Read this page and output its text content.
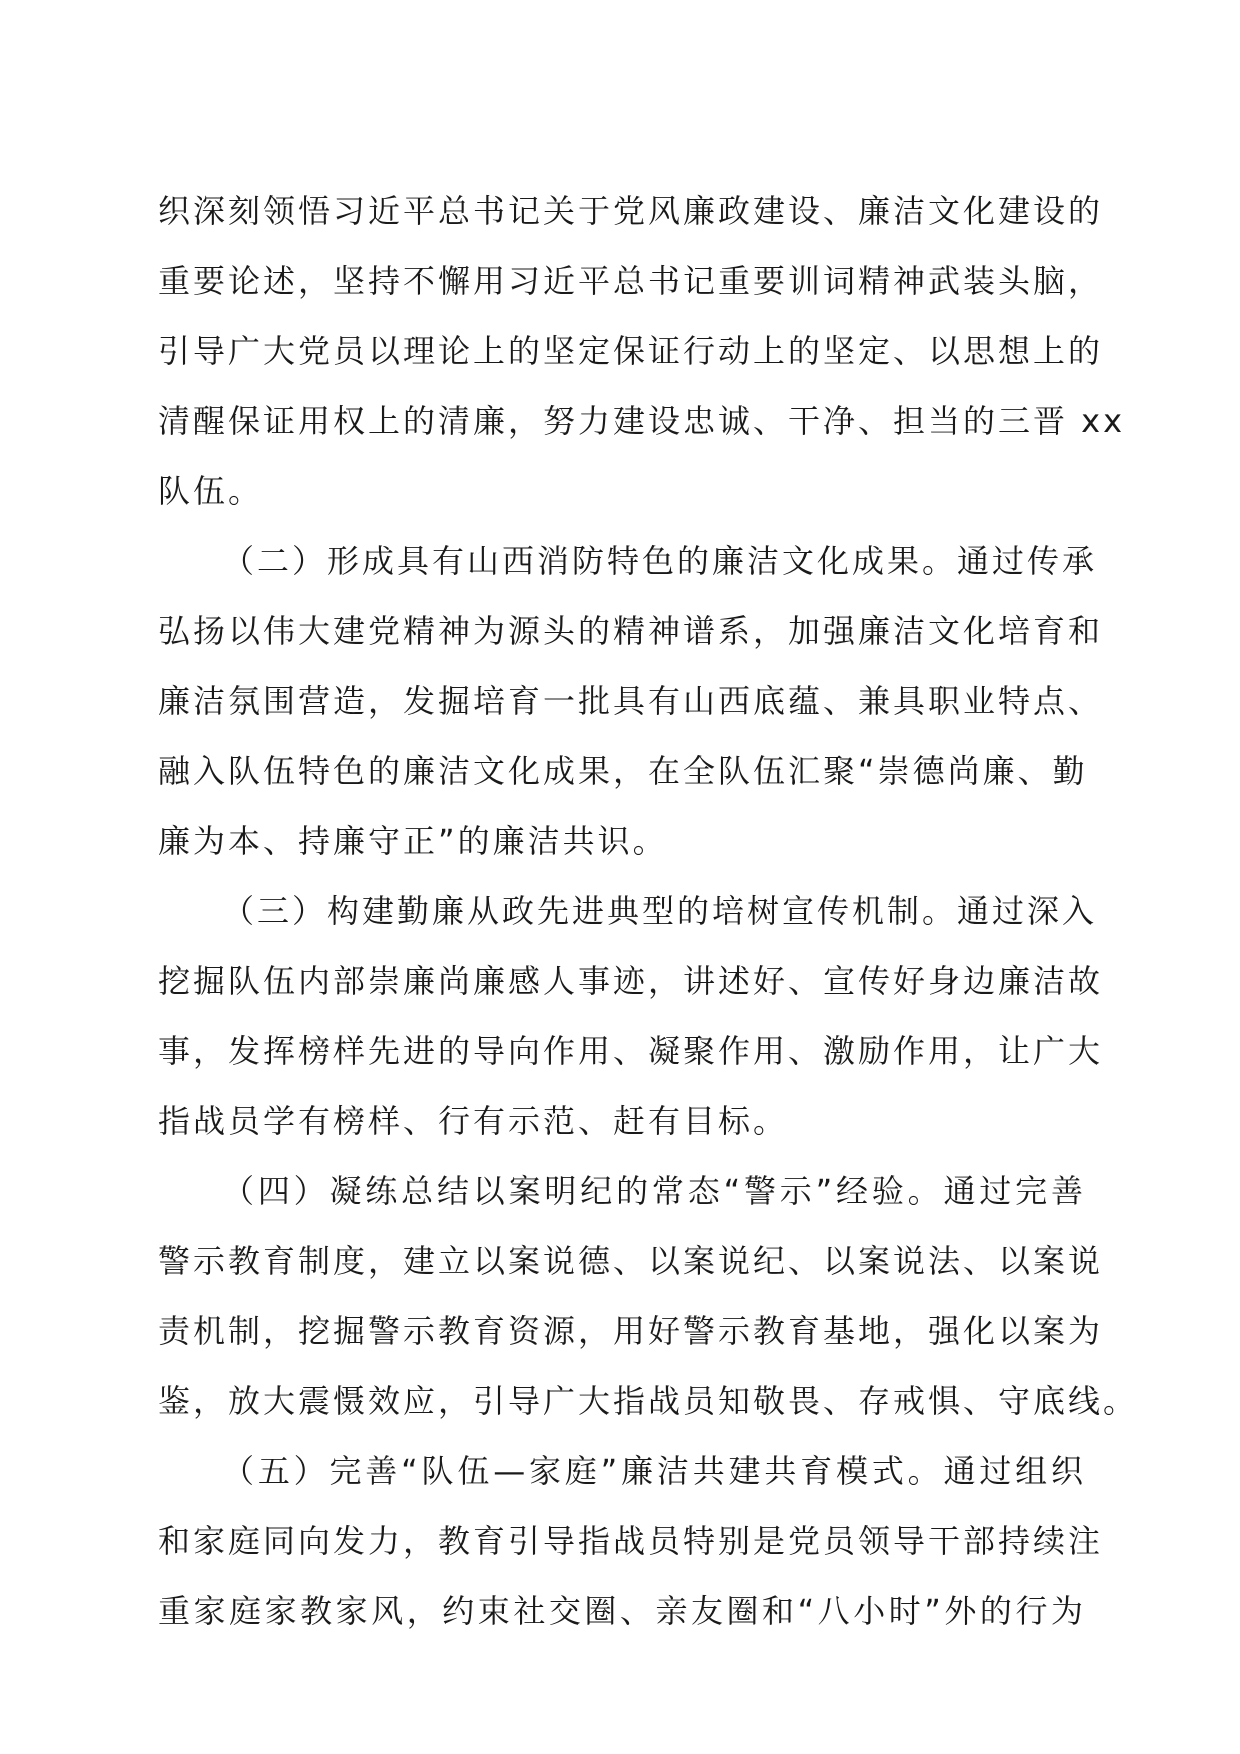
织深刻领悟习近平总书记关于党风廉政建设、廉洁文化建设的
重要论述，坚持不懈用习近平总书记重要训词精神武装头脑，
引导广大党员以理论上的坚定保证行动上的坚定、以思想上的
清醒保证用权上的清廉，努力建设忠诚、干净、担当的三晋 xx
队伍。
（二）形成具有山西消防特色的廉洁文化成果。通过传承
弘扬以伟大建党精神为源头的精神谱系，加强廉洁文化培育和
廉洁氛围营造，发掘培育一批具有山西底蕴、兼具职业特点、
融入队伍特色的廉洁文化成果，在全队伍汇聚“崇德尚廉、勤
廉为本、持廉守正”的廉洁共识。
（三）构建勤廉从政先进典型的培树宣传机制。通过深入
挖掘队伍内部崇廉尚廉感人事迹，讲述好、宣传好身边廉洁故
事，发挥榜样先进的导向作用、凝聚作用、激励作用，让广大
指战员学有榜样、行有示范、赶有目标。
（四）凝练总结以案明纪的常态“警示”经验。通过完善
警示教育制度，建立以案说德、以案说纪、以案说法、以案说
责机制，挖掘警示教育资源，用好警示教育基地，强化以案为
鉴，放大震慑效应，引导广大指战员知敬畏、存戒惧、守底线。
（五）完善“队伍—家庭”廉洁共建共育模式。通过组织
和家庭同向发力，教育引导指战员特别是党员领导干部持续注
重家庭家教家风，约束社交圈、亲友圈和“八小时”外的行为
